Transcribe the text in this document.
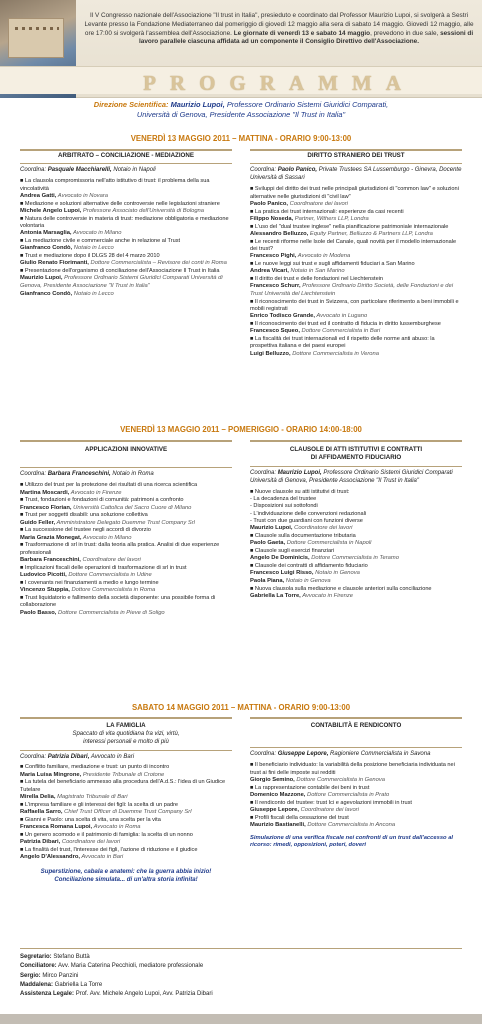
Il V Congresso nazionale dell'Associazione "Il trust in Italia", presieduto e coordinato dal Professor Maurizio Lupoi, si svolgerà a Sestri Levante presso la Fondazione Mediaterraneo dal pomeriggio di giovedì 12 maggio alla sera di sabato 14 maggio. Giovedì 12 maggio, alle ore 17:00 si svolgerà l'assemblea dell'Associazione. Le giornate di venerdì 13 e sabato 14 maggio, prevedono in due sale, sessioni di lavoro parallele ciascuna affidata ad un componente il Consiglio Direttivo dell'Associazione.
PROGRAMMA
Direzione Scientifica: Maurizio Lupoi, Professore Ordinario Sistemi Giuridici Comparati,
Università di Genova, Presidente Associazione "Il Trust in Italia"
VENERDÌ 13 MAGGIO 2011 – MATTINA - ORARIO 9:00-13:00
ARBITRATO – CONCILIAZIONE - MEDIAZIONE
Coordina: Pasquale Macchiarelli, Notaio in Napoli
■ La clausola compromissoria nell'atto istitutivo di trust: il problema della sua vincolatività
Andrea Gatti, Avvocato in Novara
■ Mediazione e soluzioni alternative delle controversie nelle legislazioni straniere
Michele Angelo Lupoi, Professore Associato dell'Università di Bologna
■ Natura delle controversie in materia di trust: mediazione obbligatoria e mediazione volontaria
Antonia Marsaglia, Avvocato in Milano
■ La mediazione civile e commerciale anche in relazione al Trust
Gianfranco Condò, Notaio in Lecco
■ Trust e mediazione dopo il DLGS 28 del 4 marzo 2010
Giulio Renato Fiorimanti, Dottore Commercialista – Revisore dei conti in Roma
■ Presentazione dell'organismo di conciliazione dell'Associazione Il Trust in Italia
Maurizio Lupoi, Professore Ordinario Sistemi Giuridici Comparati Università di Genova, Presidente Associazione "Il Trust in Italia"
Gianfranco Condò, Notaio in Lecco
DIRITTO STRANIERO DEI TRUST
Coordina: Paolo Panico, Private Trustees SA Lussemburgo - Ginevra, Docente Università di Sassari
■ Sviluppi del diritto dei trust nelle principali giurisdizioni di "common law" e soluzioni alternative nelle giurisdizioni di "civil law"
Paolo Panico, Coordinatore dei lavori
■ La pratica dei trust internazionali: esperienze da casi recenti
Filippo Noseda, Partner, Withers LLP, Londra
■ L'uso del "dual trustee inglese" nella pianificazione patrimoniale internazionale
Alessandro Belluzzo, Equity Partner, Belluzzo & Partners LLP, Londra
■ Le recenti riforme nelle Isole del Canale, quali novità per il modello internazionale dei trust?
Francesco Pighi, Avvocato in Modena
■ Le nuove leggi sui trust e sugli affidamenti fiduciari a San Marino
Andrea Vicari, Notaio in San Marino
■ Il diritto dei trust e delle fondazioni nel Liechtenstein
Francesco Schurr, Professore Ordinario Diritto Società, delle Fondazioni e dei Trust Università del Liechtenstein
■ Il riconoscimento dei trust in Svizzera, con particolare riferimento a beni immobili e mobili registrati
Enrico Todisco Grande, Avvocato in Lugano
■ Il riconoscimento dei trust ed il contratto di fiducia in diritto lussemburghese
Francesco Squeo, Dottore Commercialista in Bari
■ La fiscalità dei trust internazionali ed il rispetto delle norme anti abuso: la prospettiva italiana e dei paesi europei
Luigi Belluzzo, Dottore Commercialista in Verona
VENERDÌ 13 MAGGIO 2011 – POMERIGGIO - ORARIO 14:00-18:00
APPLICAZIONI INNOVATIVE
Coordina: Barbara Franceschini, Notaio in Roma
■ Utilizzo del trust per la protezione dei risultati di una ricerca scientifica
Martina Moscardi, Avvocato in Firenze
■ Trust, fondazioni e fondazioni di comunità: patrimoni a confronto
Francesco Florian, Università Cattolica del Sacro Cuore di Milano
■ Trust per soggetti disabili: una soluzione collettiva
Guido Feller, Amministratore Delegato Duemme Trust Company Srl
■ La successione del trustee negli accordi di divorzio
Maria Grazia Monegat, Avvocato in Milano
■ Trasformazione di srl in trust: dalla teoria alla pratica. Analisi di due esperienze professionali
Barbara Franceschini, Coordinatore dei lavori
■ Implicazioni fiscali delle operazioni di trasformazione di srl in trust
Ludovico Picotti, Dottore Commercialista in Udine
■ I covenants nei finanziamenti a medio e lungo termine
Vincenzo Stuppia, Dottore Commercialista in Roma
■ Trust liquidatorio e fallimento della società disponente: una possibile forma di collaborazione
Paolo Basso, Dottore Commercialista in Pieve di Soligo
CLAUSOLE DI ATTI ISTITUTIVI E CONTRATTI
DI AFFIDAMENTO FIDUCIARIO
Coordina: Maurizio Lupoi, Professore Ordinario Sistemi Giuridici Comparati Università di Genova, Presidente Associazione "Il Trust in Italia"
■ Nuove clausole su atti istitutivi di trust:
- La decadenza del trustee
- Disposizioni sui sottofondi
- L'individuazione delle convenzioni redazionali
- Trust con due guardiani con funzioni diverse
Maurizio Lupoi, Coordinatore dei lavori
■ Clausole sulla documentazione tributaria
Paolo Gaeta, Dottore Commercialista in Napoli
■ Clausole sugli esercizi finanziari
Angelo De Dominicis, Dottore Commercialista in Teramo
■ Clausole dei contratti di affidamento fiduciario
Francesco Luigi Risso, Notaio in Genova
Paola Piana, Notaio in Genova
■ Nuova clausola sulla mediazione e clausole anteriori sulla conciliazione
Gabriella La Torre, Avvocato in Firenze
SABATO 14 MAGGIO 2011 – MATTINA - ORARIO 9:00-13:00
LA FAMIGLIA
Spaccato di vita quotidiana fra vizi, virtù,
interessi personali e molto di più
Coordina: Patrizia Dibari, Avvocato in Bari
■ Conflitto familiare, mediazione e trust: un punto di incontro
Maria Luisa Mingrone, Presidente Tribunale di Crotone
■ La tutela del beneficiario ammesso alla procedura dell'A.d.S.: l'idea di un Giudice Tutelare
Mirella Delia, Magistrato Tribunale di Bari
■ L'impresa familiare e gli interessi dei figli: la scelta di un padre
Raffaella Sarro, Chief Trust Officer di Duemme Trust Company Srl
■ Gianni e Paolo: una scelta di vita, una scelta per la vita
Francesca Romana Lupoi, Avvocato in Roma
■ Un genero scomodo e il patrimonio di famiglia: la scelta di un nonno
Patrizia Dibari, Coordinatore dei lavori
■ La finalità del trust, l'interesse dei figli, l'azione di riduzione e il giudice
Angelo D'Alessandro, Avvocato in Bari
Superstizione, cabala e anatemi: che la guerra abbia inizio!
Conciliazione simulata... di un'altra storia infinita!
CONTABILITÀ E RENDICONTO
Coordina: Giuseppe Lepore, Ragioniere Commercialista in Savona
■ Il beneficiario individuato: la variabilità della posizione beneficiaria individuata nei trust ai fini delle imposte sui redditi
Giorgio Semino, Dottore Commercialista in Genova
■ La rappresentazione contabile dei beni in trust
Domenico Mazzone, Dottore Commercialista in Prato
■ Il rendiconto del trustee: trust Ici e agevolazioni immobili in trust
Giuseppe Lepore, Coordinatore dei lavori
■ Profili fiscali della cessazione del trust
Maurizio Bastianelli, Dottore Commercialista in Ancona
Simulazione di una verifica fiscale nei confronti di un trust dall'accesso al ricorso: rimedi, opposizioni, poteri, doveri
Segretario: Stefano Buttà
Conciliatore: Avv. Maria Caterina Pecchioli, mediatore professionale
Sergio: Mirco Panzini
Maddalena: Gabriella La Torre
Assistenza Legale: Prof. Avv. Michele Angelo Lupoi, Avv. Patrizia Dibari
